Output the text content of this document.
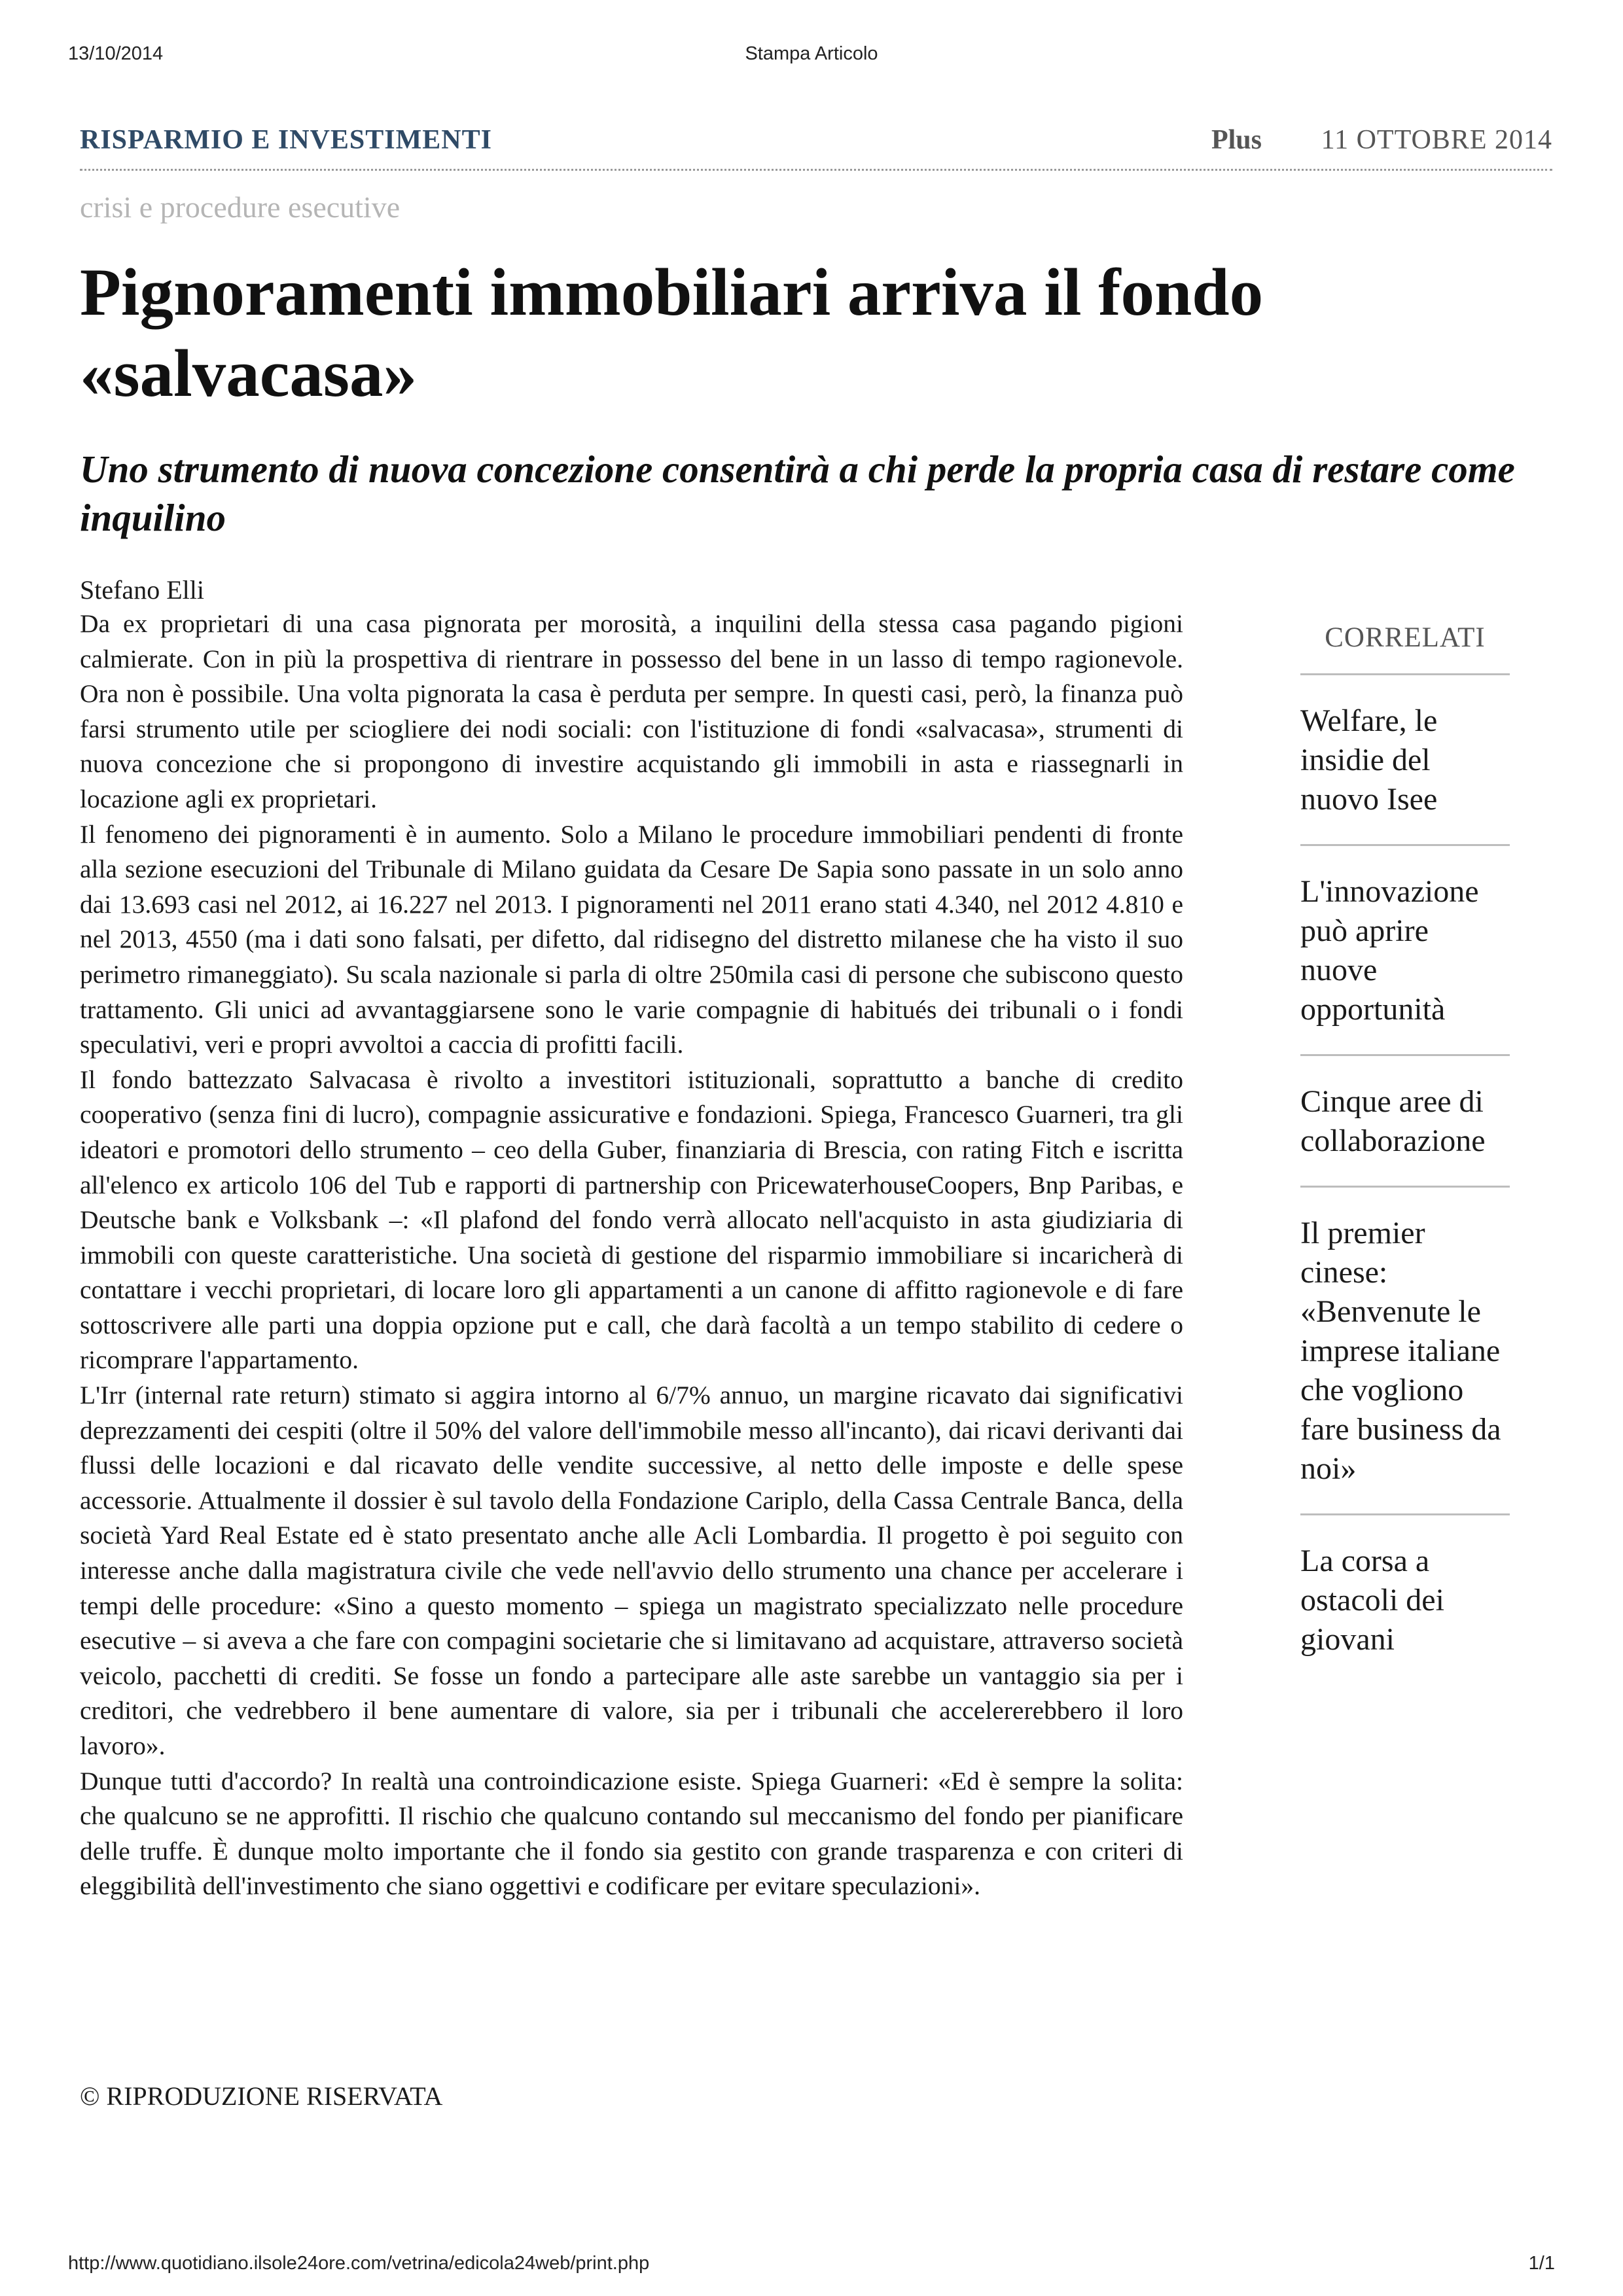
13/10/2014	Stampa Articolo
RISPARMIO E INVESTIMENTI	Plus 11 OTTOBRE 2014
crisi e procedure esecutive
Pignoramenti immobiliari arriva il fondo «salvacasa»
Uno strumento di nuova concezione consentirà a chi perde la propria casa di restare come inquilino
Stefano Elli

Da ex proprietari di una casa pignorata per morosità, a inquilini della stessa casa pagando pigioni calmierate. Con in più la prospettiva di rientrare in possesso del bene in un lasso di tempo ragionevole. Ora non è possibile. Una volta pignorata la casa è perduta per sempre. In questi casi, però, la finanza può farsi strumento utile per sciogliere dei nodi sociali: con l'istituzione di fondi «salvacasa», strumenti di nuova concezione che si propongono di investire acquistando gli immobili in asta e riassegnarli in locazione agli ex proprietari.

Il fenomeno dei pignoramenti è in aumento. Solo a Milano le procedure immobiliari pendenti di fronte alla sezione esecuzioni del Tribunale di Milano guidata da Cesare De Sapia sono passate in un solo anno dai 13.693 casi nel 2012, ai 16.227 nel 2013. I pignoramenti nel 2011 erano stati 4.340, nel 2012 4.810 e nel 2013, 4550 (ma i dati sono falsati, per difetto, dal ridisegno del distretto milanese che ha visto il suo perimetro rimaneggiato). Su scala nazionale si parla di oltre 250mila casi di persone che subiscono questo trattamento. Gli unici ad avvantaggiarsene sono le varie compagnie di habitués dei tribunali o i fondi speculativi, veri e propri avvoltoi a caccia di profitti facili.

Il fondo battezzato Salvacasa è rivolto a investitori istituzionali, soprattutto a banche di credito cooperativo (senza fini di lucro), compagnie assicurative e fondazioni. Spiega, Francesco Guarneri, tra gli ideatori e promotori dello strumento – ceo della Guber, finanziaria di Brescia, con rating Fitch e iscritta all'elenco ex articolo 106 del Tub e rapporti di partnership con PricewaterhouseCoopers, Bnp Paribas, e Deutsche bank e Volksbank –: «Il plafond del fondo verrà allocato nell'acquisto in asta giudiziaria di immobili con queste caratteristiche. Una società di gestione del risparmio immobiliare si incaricherà di contattare i vecchi proprietari, di locare loro gli appartamenti a un canone di affitto ragionevole e di fare sottoscrivere alle parti una doppia opzione put e call, che darà facoltà a un tempo stabilito di cedere o ricomprare l'appartamento.

L'Irr (internal rate return) stimato si aggira intorno al 6/7% annuo, un margine ricavato dai significativi deprezzamenti dei cespiti (oltre il 50% del valore dell'immobile messo all'incanto), dai ricavi derivanti dai flussi delle locazioni e dal ricavato delle vendite successive, al netto delle imposte e delle spese accessorie. Attualmente il dossier è sul tavolo della Fondazione Cariplo, della Cassa Centrale Banca, della società Yard Real Estate ed è stato presentato anche alle Acli Lombardia. Il progetto è poi seguito con interesse anche dalla magistratura civile che vede nell'avvio dello strumento una chance per accelerare i tempi delle procedure: «Sino a questo momento – spiega un magistrato specializzato nelle procedure esecutive – si aveva a che fare con compagini societarie che si limitavano ad acquistare, attraverso società veicolo, pacchetti di crediti. Se fosse un fondo a partecipare alle aste sarebbe un vantaggio sia per i creditori, che vedrebbero il bene aumentare di valore, sia per i tribunali che accelererebbero il loro lavoro».

Dunque tutti d'accordo? In realtà una controindicazione esiste. Spiega Guarneri: «Ed è sempre la solita: che qualcuno se ne approfitti. Il rischio che qualcuno contando sul meccanismo del fondo per pianificare delle truffe. È dunque molto importante che il fondo sia gestito con grande trasparenza e con criteri di eleggibilità dell'investimento che siano oggettivi e codificare per evitare speculazioni».

© RIPRODUZIONE RISERVATA
CORRELATI
Welfare, le insidie del nuovo Isee
L'innovazione può aprire nuove opportunità
Cinque aree di collaborazione
Il premier cinese: «Benvenute le imprese italiane che vogliono fare business da noi»
La corsa a ostacoli dei giovani
http://www.quotidiano.ilsole24ore.com/vetrina/edicola24web/print.php	1/1
